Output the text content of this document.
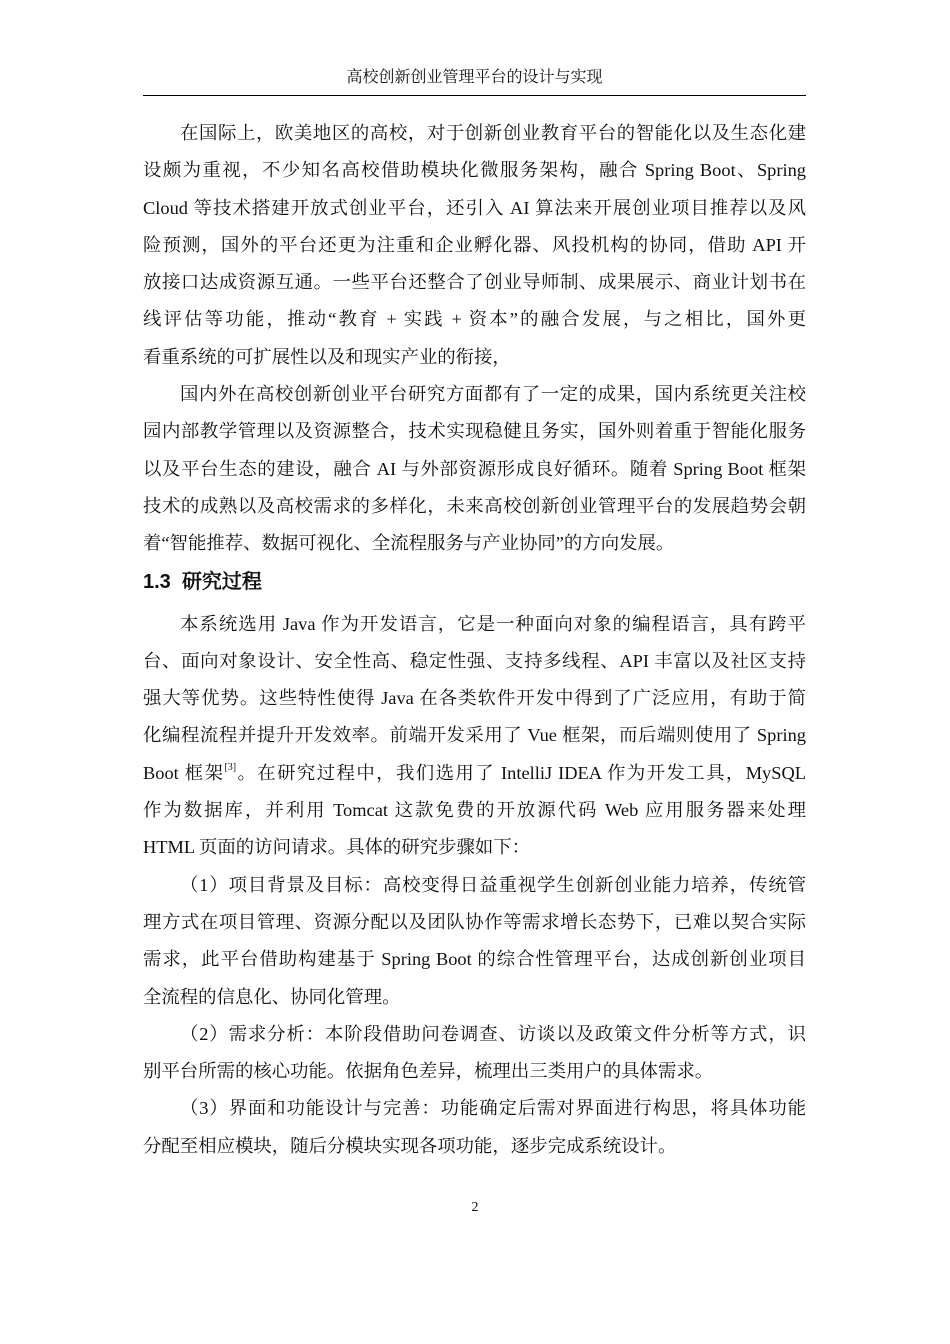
高校创新创业管理平台的设计与实现
在国际上，欧美地区的高校，对于创新创业教育平台的智能化以及生态化建
设颇为重视，不少知名高校借助模块化微服务架构，融合 Spring Boot、Spring
Cloud 等技术搭建开放式创业平台，还引入 AI 算法来开展创业项目推荐以及风
险预测，国外的平台还更为注重和企业孵化器、风投机构的协同，借助 API 开
放接口达成资源互通。一些平台还整合了创业导师制、成果展示、商业计划书在
线评估等功能，推动“教育 + 实践 + 资本”的融合发展，与之相比，国外更
看重系统的可扩展性以及和现实产业的衔接，
国内外在高校创新创业平台研究方面都有了一定的成果，国内系统更关注校
园内部教学管理以及资源整合，技术实现稳健且务实，国外则着重于智能化服务
以及平台生态的建设，融合 AI 与外部资源形成良好循环。随着 Spring Boot 框架
技术的成熟以及高校需求的多样化，未来高校创新创业管理平台的发展趋势会朝
着“智能推荐、数据可视化、全流程服务与产业协同”的方向发展。
1.3 研究过程
本系统选用 Java 作为开发语言，它是一种面向对象的编程语言，具有跨平
台、面向对象设计、安全性高、稳定性强、支持多线程、API 丰富以及社区支持
强大等优势。这些特性使得 Java 在各类软件开发中得到了广泛应用，有助于简
化编程流程并提升开发效率。前端开发采用了 Vue 框架，而后端则使用了 Spring
Boot 框架[3]。在研究过程中，我们选用了 IntelliJ IDEA 作为开发工具，MySQL
作为数据库，并利用 Tomcat 这款免费的开放源代码 Web 应用服务器来处理
HTML 页面的访问请求。具体的研究步骤如下：
（1）项目背景及目标：高校变得日益重视学生创新创业能力培养，传统管
理方式在项目管理、资源分配以及团队协作等需求增长态势下，已难以契合实际
需求，此平台借助构建基于 Spring Boot 的综合性管理平台，达成创新创业项目
全流程的信息化、协同化管理。
（2）需求分析：本阶段借助问卷调查、访谈以及政策文件分析等方式，识
别平台所需的核心功能。依据角色差异，梳理出三类用户的具体需求。
（3）界面和功能设计与完善：功能确定后需对界面进行构思，将具体功能
分配至相应模块，随后分模块实现各项功能，逐步完成系统设计。
2
